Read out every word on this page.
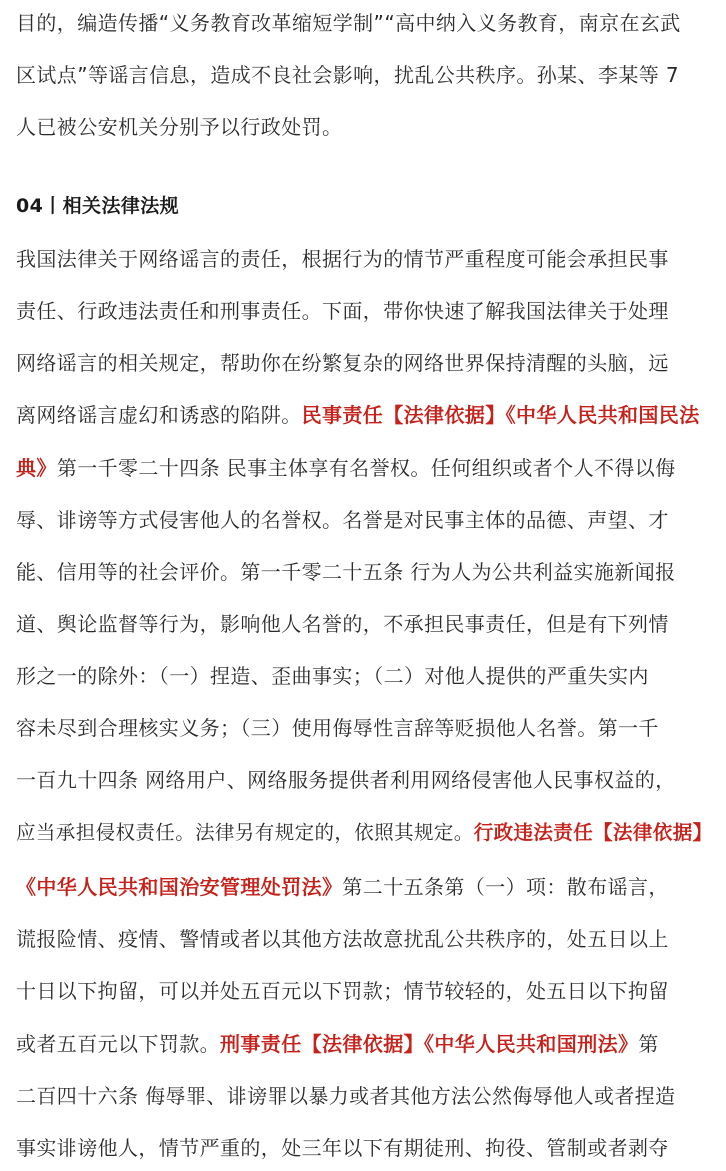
目的，编造传播“义务教育改革缩短学制”“高中纳入义务教育，南京在玄武
区试点”等谣言信息，造成不良社会影响，扰乱公共秩序。孙某、李某等 7
人已被公安机关分别予以行政处罚。
04丨相关法律法规
我国法律关于网络谣言的责任，根据行为的情节严重程度可能会承担民事
责任、行政违法责任和刑事责任。下面，带你快速了解我国法律关于处理
网络谣言的相关规定，帮助你在纷繁复杂的网络世界保持清醒的头脑，远
离网络谣言虚幻和诱惑的陷阱。民事责任【法律依据】《中华人民共和国民法
典》第一千零二十四条 民事主体享有名誉权。任何组织或者个人不得以侮
辱、诽谤等方式侵害他人的名誉权。名誉是对民事主体的品德、声望、才
能、信用等的社会评价。第一千零二十五条 行为人为公共利益实施新闻报
道、舆论监督等行为，影响他人名誉的，不承担民事责任，但是有下列情
形之一的除外：（一）捏造、歪曲事实；（二）对他人提供的严重失实内
容未尽到合理核实义务；（三）使用侮辱性言辞等贬损他人名誉。第一千
一百九十四条 网络用户、网络服务提供者利用网络侵害他人民事权益的，
应当承担侵权责任。法律另有规定的，依照其规定。行政违法责任【法律依据】
《中华人民共和国治安管理处罚法》第二十五条第（一）项：散布谣言，
谎报险情、疫情、警情或者以其他方法故意扰乱公共秩序的，处五日以上
十日以下拘留，可以并处五百元以下罚款；情节较轻的，处五日以下拘留
或者五百元以下罚款。刑事责任【法律依据】《中华人民共和国刑法》第
二百四十六条 侮辱罪、诽谤罪以暴力或者其他方法公然侮辱他人或者捏造
事实诽谤他人，情节严重的，处三年以下有期徒刑、拘役、管制或者剥夺
